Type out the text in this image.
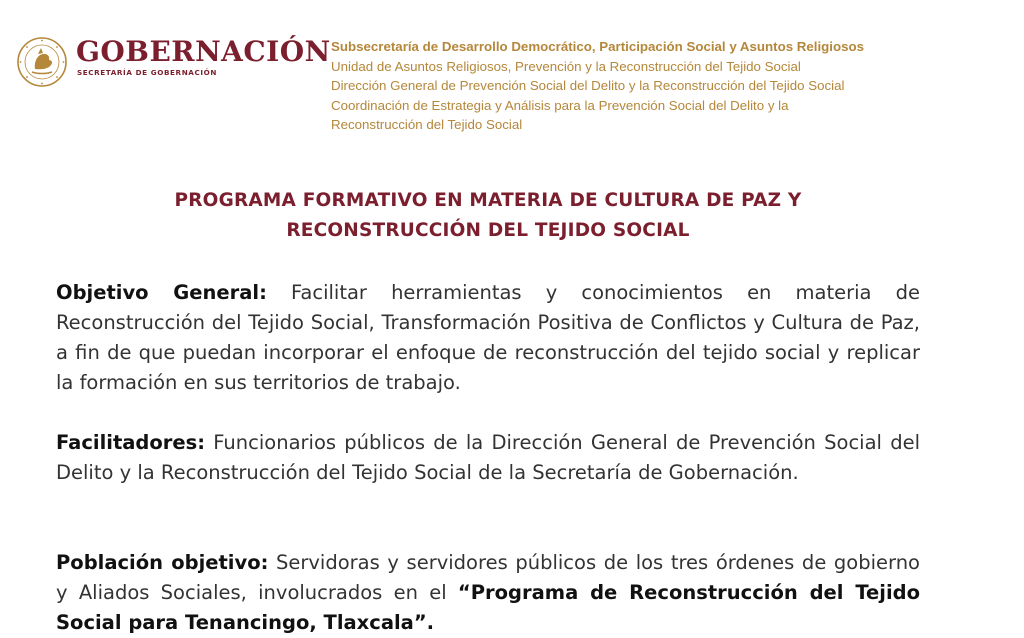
GOBERNACIÓN
SECRETARÍA DE GOBERNACIÓN
Subsecretaría de Desarrollo Democrático, Participación Social y Asuntos Religiosos
Unidad de Asuntos Religiosos, Prevención y la Reconstrucción del Tejido Social
Dirección General de Prevención Social del Delito y la Reconstrucción del Tejido Social
Coordinación de Estrategia y Análisis para la Prevención Social del Delito y la
Reconstrucción del Tejido Social
PROGRAMA FORMATIVO EN MATERIA DE CULTURA DE PAZ Y
RECONSTRUCCIÓN DEL TEJIDO SOCIAL
Objetivo General: Facilitar herramientas y conocimientos en materia de Reconstrucción del Tejido Social, Transformación Positiva de Conflictos y Cultura de Paz, a fin de que puedan incorporar el enfoque de reconstrucción del tejido social y replicar la formación en sus territorios de trabajo.
Facilitadores: Funcionarios públicos de la Dirección General de Prevención Social del Delito y la Reconstrucción del Tejido Social de la Secretaría de Gobernación.
Población objetivo: Servidoras y servidores públicos de los tres órdenes de gobierno y Aliados Sociales, involucrados en el “Programa de Reconstrucción del Tejido Social para Tenancingo, Tlaxcala”.
